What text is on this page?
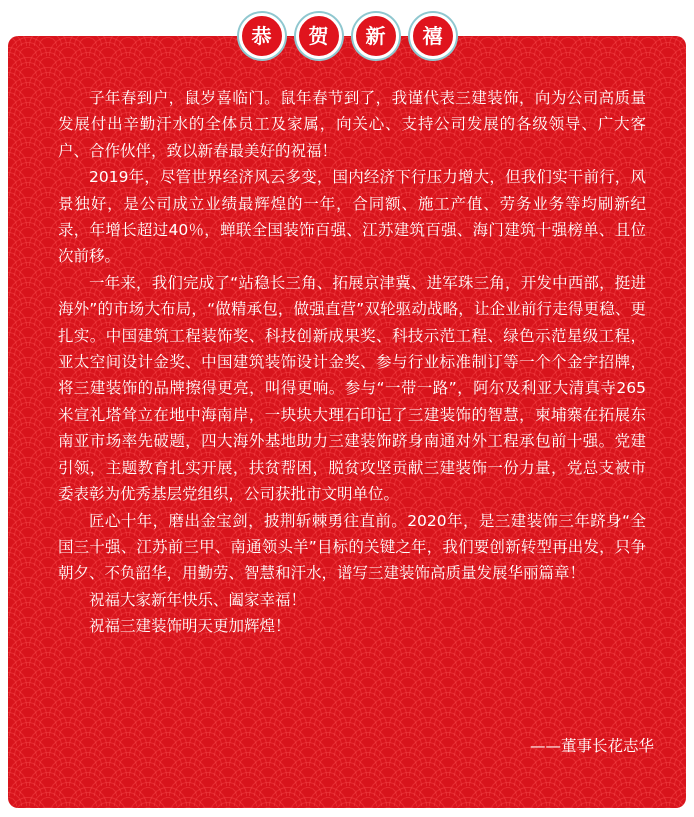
恭	贺	新	禧

子年春到户，鼠岁喜临门。鼠年春节到了，我谨代表三建装饰，向为公司高质量发展付出辛勤汗水的全体员工及家属，向关心、支持公司发展的各级领导、广大客户、合作伙伴，致以新春最美好的祝福！

2019年，尽管世界经济风云多变，国内经济下行压力增大，但我们实干前行，风景独好，是公司成立业绩最辉煌的一年，合同额、施工产值、劳务业务等均刷新纪录，年增长超过40％，蝉联全国装饰百强、江苏建筑百强、海门建筑十强榜单、且位次前移。

一年来，我们完成了“站稳长三角、拓展京津冀、进军珠三角，开发中西部，挺进海外”的市场大布局，“做精承包，做强直营”双轮驱动战略，让企业前行走得更稳、更扎实。中国建筑工程装饰奖、科技创新成果奖、科技示范工程、绿色示范星级工程，亚太空间设计金奖、中国建筑装饰设计金奖、参与行业标准制订等一个个金字招牌，将三建装饰的品牌擦得更亮，叫得更响。参与“一带一路”，阿尔及利亚大清真寺265米宣礼塔耸立在地中海南岸，一块块大理石印记了三建装饰的智慧，柬埔寨在拓展东南亚市场率先破题，四大海外基地助力三建装饰跻身南通对外工程承包前十强。党建引领，主题教育扎实开展，扶贫帮困，脱贫攻坚贡献三建装饰一份力量，党总支被市委表彰为优秀基层党组织，公司获批市文明单位。

匠心十年，磨出金宝剑，披荆斩棘勇往直前。2020年，是三建装饰三年跻身“全国三十强、江苏前三甲、南通领头羊”目标的关键之年，我们要创新转型再出发，只争朝夕、不负韶华，用勤劳、智慧和汗水，谱写三建装饰高质量发展华丽篇章！

祝福大家新年快乐、阖家幸福！

祝福三建装饰明天更加辉煌！

——董事长花志华
